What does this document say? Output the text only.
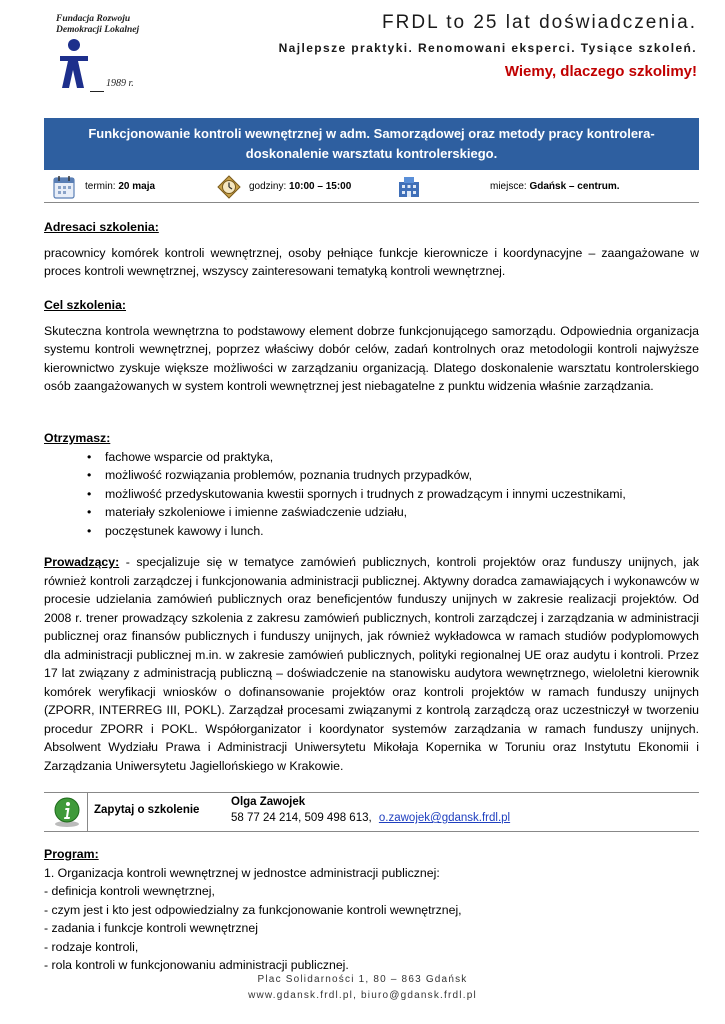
Fundacja Rozwoju
Demokracji Lokalnej
1989 r.
FRDL to 25 lat doświadczenia.
Najlepsze praktyki. Renomowani eksperci. Tysiące szkoleń.
Wiemy, dlaczego szkolimy!
Funkcjonowanie kontroli wewnętrznej w adm. Samorządowej oraz metody pracy kontrolera-
doskonalenie warsztatu kontrolerskiego.
termin: 20 maja	godziny: 10:00 – 15:00	miejsce: Gdańsk – centrum.
Adresaci szkolenia:
pracownicy komórek kontroli wewnętrznej, osoby pełniące funkcje kierownicze i koordynacyjne – zaangażowane w proces kontroli wewnętrznej, wszyscy zainteresowani tematyką kontroli wewnętrznej.
Cel szkolenia:
Skuteczna kontrola wewnętrzna to podstawowy element dobrze funkcjonującego samorządu. Odpowiednia organizacja systemu kontroli wewnętrznej, poprzez właściwy dobór celów, zadań kontrolnych oraz metodologii kontroli najwyższe kierownictwo zyskuje większe możliwości w zarządzaniu organizacją. Dlatego doskonalenie warsztatu kontrolerskiego osób zaangażowanych w system kontroli wewnętrznej jest niebagatelne z punktu widzenia właśnie zarządzania.
Otrzymasz:
• fachowe wsparcie od praktyka,
• możliwość rozwiązania problemów, poznania trudnych przypadków,
• możliwość przedyskutowania kwestii spornych i trudnych z prowadzącym i innymi uczestnikami,
• materiały szkoleniowe i imienne zaświadczenie udziału,
• poczęstunek kawowy i lunch.
Prowadzący: - specjalizuje się w tematyce zamówień publicznych, kontroli projektów oraz funduszy unijnych, jak również kontroli zarządczej i funkcjonowania administracji publicznej. Aktywny doradca zamawiających i wykonawców w procesie udzielania zamówień publicznych oraz beneficjentów funduszy unijnych w zakresie realizacji projektów. Od 2008 r. trener prowadzący szkolenia z zakresu zamówień publicznych, kontroli zarządczej i zarządzania w administracji publicznej oraz finansów publicznych i funduszy unijnych, jak również wykładowca w ramach studiów podyplomowych dla administracji publicznej m.in. w zakresie zamówień publicznych, polityki regionalnej UE oraz audytu i kontroli. Przez 17 lat związany z administracją publiczną – doświadczenie na stanowisku audytora wewnętrznego, wieloletni kierownik komórek weryfikacji wniosków o dofinansowanie projektów oraz kontroli projektów w ramach funduszy unijnych (ZPORR, INTERREG III, POKL). Zarządzał procesami związanymi z kontrolą zarządczą oraz uczestniczył w tworzeniu procedur ZPORR i POKL. Współorganizator i koordynator systemów zarządzania w ramach funduszy unijnych. Absolwent Wydziału Prawa i Administracji Uniwersytetu Mikołaja Kopernika w Toruniu oraz Instytutu Ekonomii i Zarządzania Uniwersytetu Jagiellońskiego w Krakowie.
Zapytaj o szkolenie
Olga Zawojek
58 77 24 214, 509 498 613, o.zawojek@gdansk.frdl.pl
Program:
1. Organizacja kontroli wewnętrznej w jednostce administracji publicznej:
- definicja kontroli wewnętrznej,
- czym jest i kto jest odpowiedzialny za funkcjonowanie kontroli wewnętrznej,
- zadania i funkcje kontroli wewnętrznej
- rodzaje kontroli,
- rola kontroli w funkcjonowaniu administracji publicznej.
Plac Solidarności 1, 80 – 863 Gdańsk
www.gdansk.frdl.pl, biuro@gdansk.frdl.pl
